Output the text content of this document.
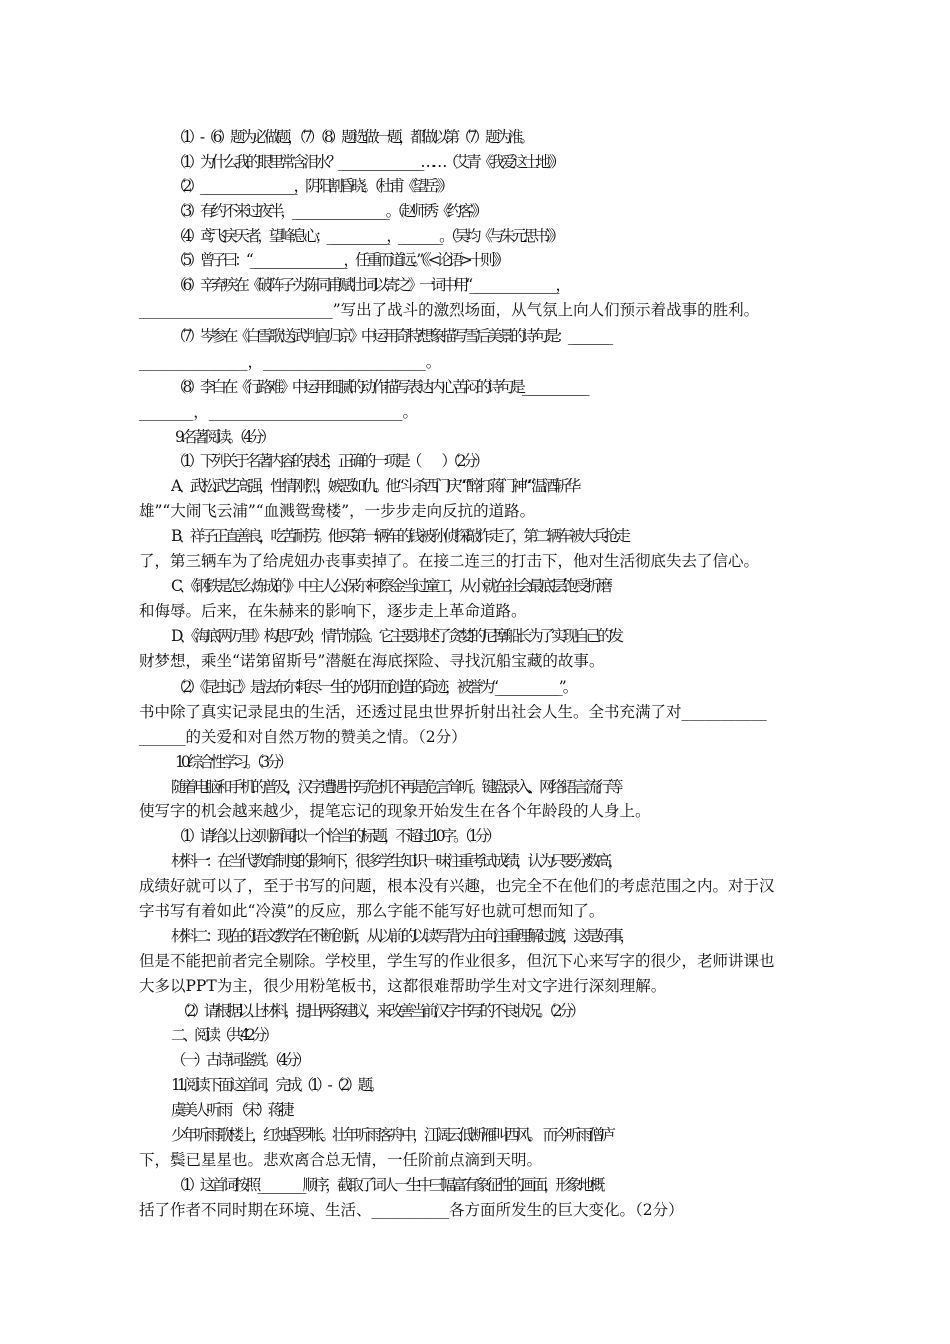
（1）-（6）题为必做题，（7）（8）题选做一题，都做以第（7）题为准。
（1）为什么我的眼里常含泪水？______________________……（艾青《我爱这土地》）
（2）_________________________，阴阳割昏晓。（杜甫《望岳》）
（3）有约不来过夜半，_________________________。（赵师秀《约客》）
（4）鸢飞戾天者，望峰息心；________________，___________。（吴均《与朱元思书》）
（5）曾子曰：“_________________________，任重而道远。”（《<论语>十则》）
（6）辛弃疾在《破阵子·为陈同甫赋壮词以寄之》一词中用“_______________________，
_________________________”写出了战斗的激烈场面，从气氛上向人们预示着战事的胜利。
（7）岑参在《白雪歌送武判官归京》中运用奇特想象描写雪后美景的诗句是：___________
______________，_____________________。
（8）李白在《行路难》中运用细腻的动作描写表达内心苦闷的诗句是_________________
_______，_________________________。
9.名著阅读。（4分）
（1）下列关于名著内容的表述，正确的一项是（　　）（2分）
A、武松武艺高强，性情刚烈，嫉恶如仇。他“斗杀西门庆”“醉打蒋门神”“温酒斩华
雄”“大闹飞云浦”“血溅鸳鸯楼”，一步步走向反抗的道路。
B、祥子正直善良，吃苦耐劳。他买第一辆车的钱被孙侦探敲诈走了，第二辆车被大兵抢走
了，第三辆车为了给虎妞办丧事卖掉了。在接二连三的打击下，他对生活彻底失去了信心。
C、《钢铁是怎么炼成的》中主人公保尔·柯察金当过童工，从小就在社会最底层饱受折磨
和侮辱。后来，在朱赫来的影响下，逐步走上革命道路。
D、《海底两万里》构思巧妙，情节惊险。它主要讲述了贪婪的尼摩船长为了实现自己的发
财梦想，乘坐“诺第留斯号”潜艇在海底探险、寻找沉船宝藏的故事。
（2）《昆虫记》是法布尔耗尽一生的光阴而创造的奇迹，被誉为“_________________”。
书中除了真实记录昆虫的生活，还透过昆虫世界折射出社会人生。全书充满了对___________
______的关爱和对自然万物的赞美之情。（2分）
10.综合性学习。（3分）
随着电脑和手机的普及，汉字遭遇书写危机不再是危言耸听。键盘录入、网络语言流行等
使写字的机会越来越少，提笔忘记的现象开始发生在各个年龄段的人身上。
（1）请给以上这则新闻拟一个恰当的标题，不超过10字。（1分）
材料一：在当代教育制度的影响下，很多学生知识一味注重考试成绩，认为只要分数高，
成绩好就可以了，至于书写的问题，根本没有兴趣，也完全不在他们的考虑范围之内。对于汉
字书写有着如此“冷漠”的反应，那么字能不能写好也就可想而知了。
材料二：现在的语文教学在不断创新，从以前的以读写背为主向注重理解过渡，这是好事，
但是不能把前者完全剔除。学校里，学生写的作业很多，但沉下心来写字的很少，老师讲课也
大多以PPT为主，很少用粉笔板书，这都很难帮助学生对文字进行深刻理解。
（2）请根据以上材料，提出两条建议，来改善当前汉字书写的不良状况。（2分）
二、阅读（共42分）
（一）古诗词鉴赏。（4分）
11.阅读下面这首词，完成（1）-（2）题。
虞美人·听雨　（宋）蒋捷
少年听雨歌楼上，红烛昏罗帐。壮年听雨客舟中，江阔云低断雁叫西风。　而今听雨僧庐
下，鬓已星星也。悲欢离合总无情，一任阶前点滴到天明。
（1）这首词按照____________顺序，截取了词人一生中三幅富有象征性的画面，形象地概
括了作者不同时期在环境、生活、__________各方面所发生的巨大变化。（2分）
